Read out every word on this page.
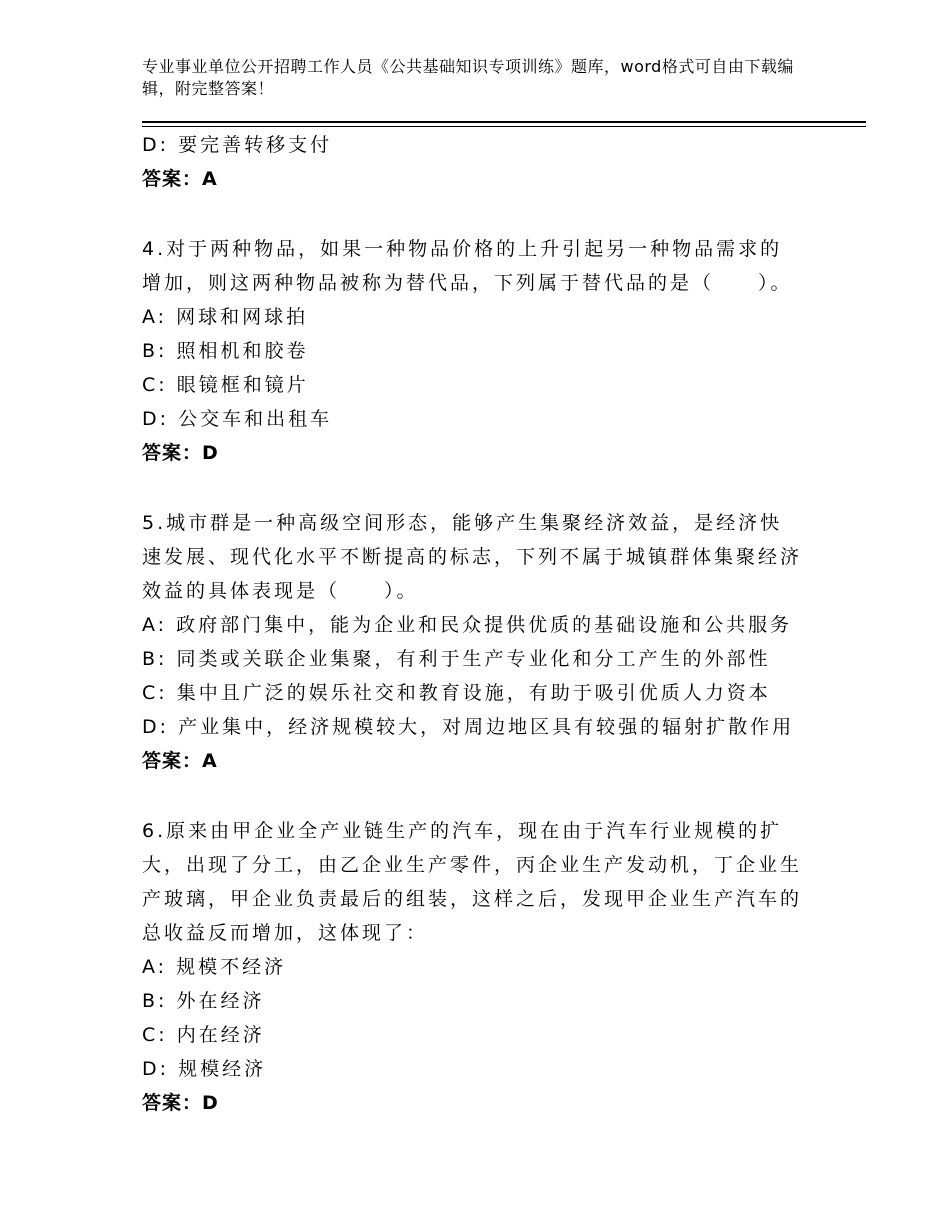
专业事业单位公开招聘工作人员《公共基础知识专项训练》题库，word格式可自由下载编辑，附完整答案！

D: 要完善转移支付

答案：A

4.对于两种物品，如果一种物品价格的上升引起另一种物品需求的增加，则这两种物品被称为替代品，下列属于替代品的是（　　）。

A: 网球和网球拍

B: 照相机和胶卷

C: 眼镜框和镜片

D: 公交车和出租车

答案：D

5.城市群是一种高级空间形态，能够产生集聚经济效益，是经济快速发展、现代化水平不断提高的标志，下列不属于城镇群体集聚经济效益的具体表现是（　　）。

A: 政府部门集中，能为企业和民众提供优质的基础设施和公共服务

B: 同类或关联企业集聚，有利于生产专业化和分工产生的外部性

C: 集中且广泛的娱乐社交和教育设施，有助于吸引优质人力资本

D: 产业集中，经济规模较大，对周边地区具有较强的辐射扩散作用

答案：A

6.原来由甲企业全产业链生产的汽车，现在由于汽车行业规模的扩大，出现了分工，由乙企业生产零件，丙企业生产发动机，丁企业生产玻璃，甲企业负责最后的组装，这样之后，发现甲企业生产汽车的总收益反而增加，这体现了：

A: 规模不经济

B: 外在经济

C: 内在经济

D: 规模经济

答案：D
